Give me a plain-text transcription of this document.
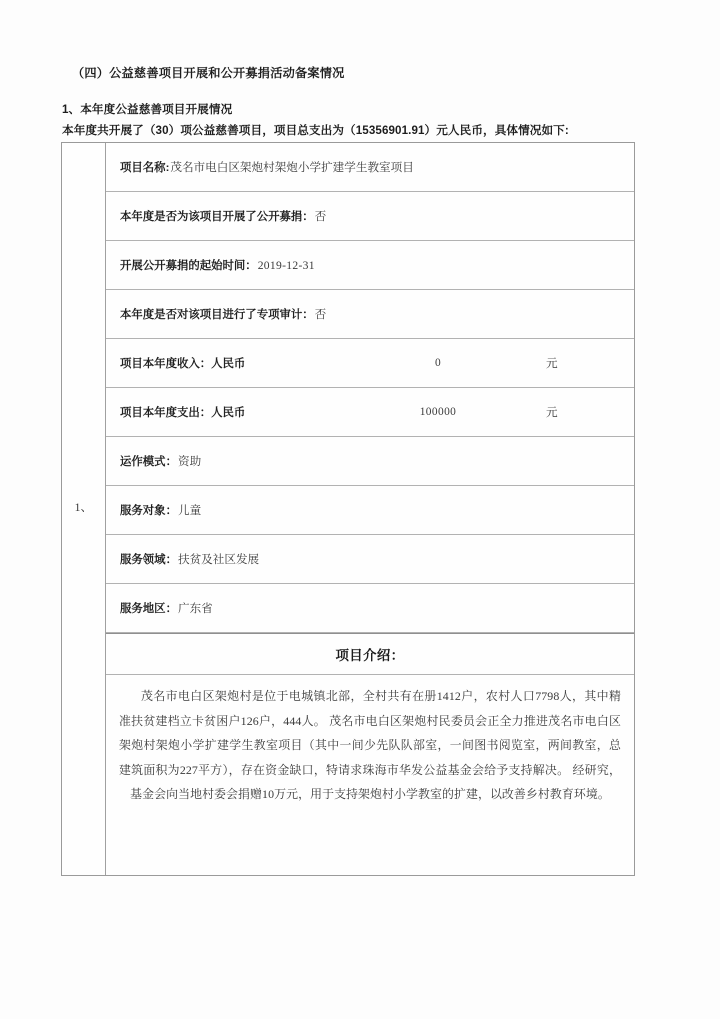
（四）公益慈善项目开展和公开募捐活动备案情况
1、本年度公益慈善项目开展情况
本年度共开展了（30）项公益慈善项目，项目总支出为（15356901.91）元人民币，具体情况如下:
1、
项目名称: 茂名市电白区架炮村架炮小学扩建学生教室项目
本年度是否为该项目开展了公开募捐： 否
开展公开募捐的起始时间： 2019-12-31
本年度是否对该项目进行了专项审计： 否
项目本年度收入：人民币	0	元
项目本年度支出：人民币	100000	元
运作模式： 资助
服务对象： 儿童
服务领域： 扶贫及社区发展
服务地区： 广东省
项目介绍：

茂名市电白区架炮村是位于电城镇北部，全村共有在册1412户，农村人口7798人，其中精准扶贫建档立卡贫困户126户，444人。 茂名市电白区架炮村民委员会正全力推进茂名市电白区架炮村架炮小学扩建学生教室项目（其中一间少先队队部室，一间图书阅览室，两间教室，总建筑面积为227平方），存在资金缺口，特请求珠海市华发公益基金会给予支持解决。 经研究，基金会向当地村委会捐赠10万元，用于支持架炮村小学教室的扩建，以改善乡村教育环境。
